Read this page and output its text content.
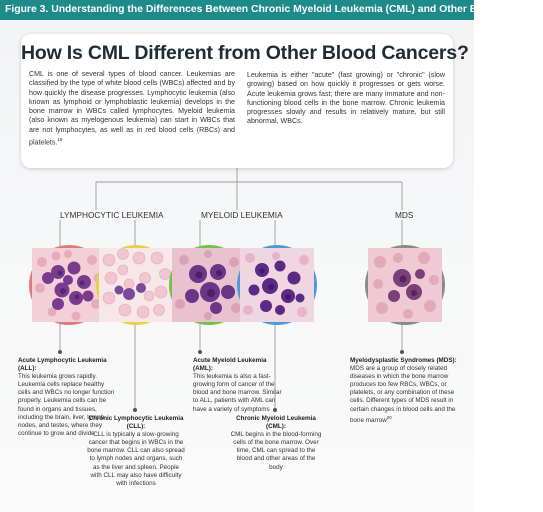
Figure 3. Understanding the Differences Between Chronic Myeloid Leukemia (CML) and Other Blood Cancers
How Is CML Different from Other Blood Cancers?
CML is one of several types of blood cancer. Leukemias are classified by the type of white blood cells (WBCs) affected and by how quickly the disease progresses. Lymphocytic leukemia (also known as lymphoid or lymphoblastic leukemia) develops in the bone marrow in WBCs called lymphocytes. Myeloid leukemia (also known as myelogenous leukemia) can start in WBCs that are not lymphocytes, as well as in red blood cells (RBCs) and platelets.$^{19}$
Leukemia is either "acute" (fast growing) or "chronic" (slow growing) based on how quickly it progresses or gets worse. Acute leukemia grows fast; there are many immature and non-functioning blood cells in the bone marrow. Chronic leukemia progresses slowly and results in relatively mature, but still abnormal, WBCs.
LYMPHOCYTIC LEUKEMIA	MYELOID LEUKEMIA	MDS
Acute Lymphocytic Leukemia (ALL):
This leukemia grows rapidly. Leukemia cells replace healthy cells and WBCs no longer function properly. Leukemia cells can be found in organs and tissues, including the brain, liver, lymph nodes, and testes, where they continue to grow and divide
Chronic Lymphocytic Leukemia (CLL):
CLL is typically a slow-growing cancer that begins in WBCs in the bone marrow. CLL can also spread to lymph nodes and organs, such as the liver and spleen. People with CLL may also have difficulty with infections
Acute Myeloid Leukemia (AML):
This leukemia is also a fast-growing form of cancer of the blood and bone marrow. Similar to ALL, patients with AML can have a variety of symptoms
Chronic Myeloid Leukemia (CML):
CML begins in the blood-forming cells of the bone marrow. Over time, CML can spread to the blood and other areas of the body
Myelodysplastic Syndromes (MDS):
MDS are a group of closely related diseases in which the bone marrow produces too few RBCs, WBCs, or platelets, or any combination of these cells. Different types of MDS result in certain changes in blood cells and the bone marrow$^{20}$
